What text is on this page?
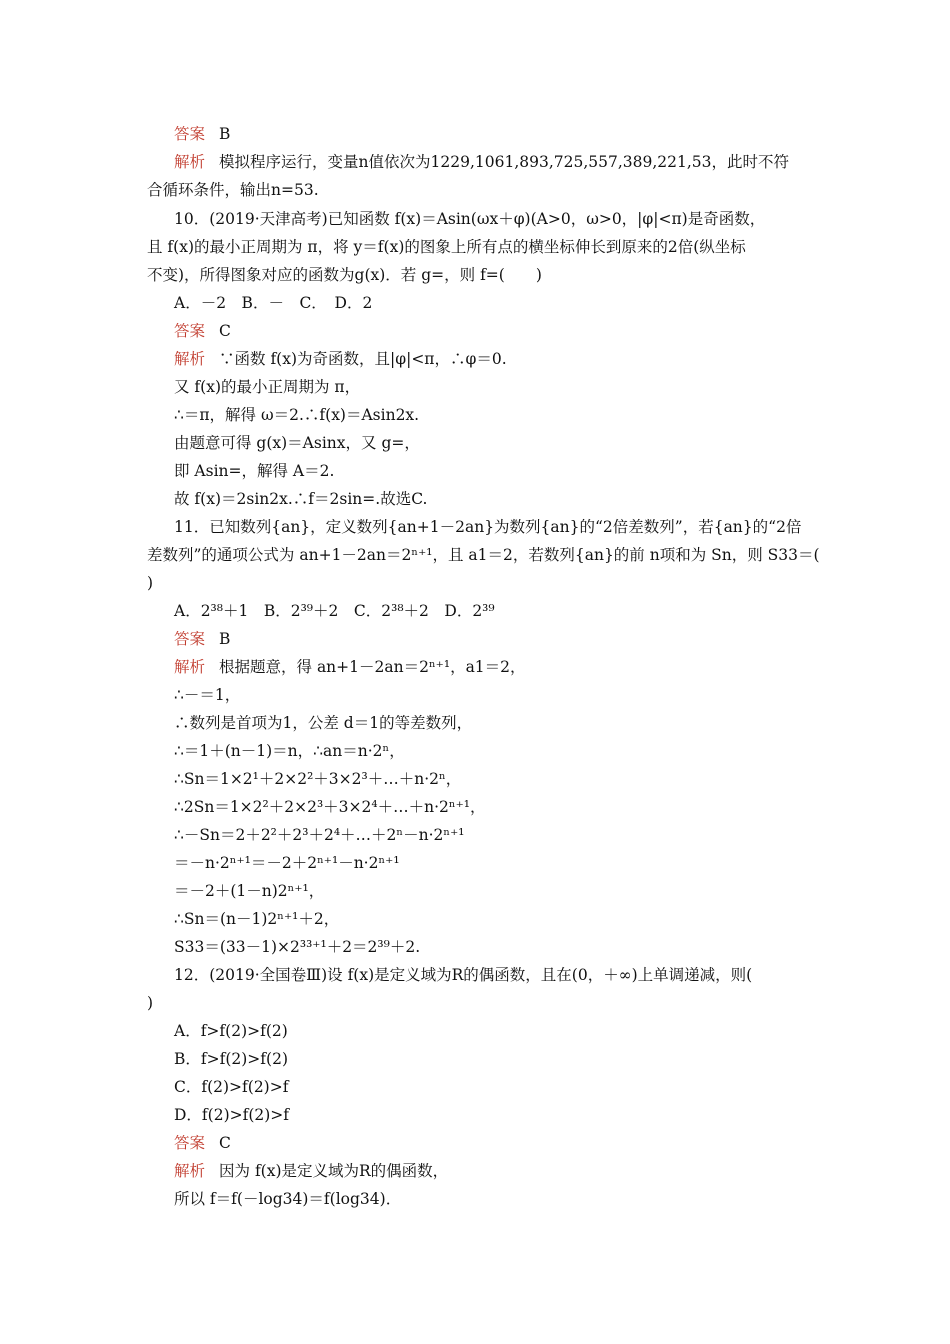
答案 B
解析 模拟程序运行，变量n值依次为1229,1061,893,725,557,389,221,53，此时不符
合循环条件，输出n=53.
10．(2019·天津高考)已知函数 f(x)＝Asin(ωx＋φ)(A>0，ω>0，|φ|<π)是奇函数，
且 f(x)的最小正周期为 π，将 y＝f(x)的图象上所有点的横坐标伸长到原来的2倍(纵坐标
不变)，所得图象对应的函数为g(x)．若 g=，则 f=(　　)
A．－2　B．－　C．　D．2
答案 C
解析 ∵函数 f(x)为奇函数，且|φ|<π，∴φ＝0.
又 f(x)的最小正周期为 π，
∴＝π，解得 ω＝2.∴f(x)＝Asin2x.
由题意可得 g(x)＝Asinx，又 g=，
即 Asin=，解得 A＝2.
故 f(x)＝2sin2x.∴f＝2sin=.故选C.
11．已知数列{an}，定义数列{an+1－2an}为数列{an}的“2倍差数列”，若{an}的“2倍
差数列”的通项公式为 an+1－2an＝2ⁿ⁺¹，且 a1＝2，若数列{an}的前 n项和为 Sn，则 S33＝(
)
A．2³⁸＋1　B．2³⁹＋2　C．2³⁸＋2　D．2³⁹
答案 B
解析 根据题意，得 an+1－2an＝2ⁿ⁺¹，a1＝2，
∴－＝1，
∴数列是首项为1，公差 d＝1的等差数列，
∴＝1＋(n－1)＝n，∴an＝n·2ⁿ，
∴Sn＝1×2¹＋2×2²＋3×2³＋…＋n·2ⁿ，
∴2Sn＝1×2²＋2×2³＋3×2⁴＋…＋n·2ⁿ⁺¹，
∴－Sn＝2＋2²＋2³＋2⁴＋…＋2ⁿ－n·2ⁿ⁺¹
＝－n·2ⁿ⁺¹＝－2＋2ⁿ⁺¹－n·2ⁿ⁺¹
＝－2＋(1－n)2ⁿ⁺¹，
∴Sn＝(n－1)2ⁿ⁺¹＋2，
S33＝(33－1)×2³³⁺¹＋2＝2³⁹＋2.
12．(2019·全国卷Ⅲ)设 f(x)是定义域为R的偶函数，且在(0，＋∞)上单调递减，则(
)
A．f>f(2)>f(2)
B．f>f(2)>f(2)
C．f(2)>f(2)>f
D．f(2)>f(2)>f
答案 C
解析 因为 f(x)是定义域为R的偶函数，
所以 f＝f(－log34)＝f(log34)．
